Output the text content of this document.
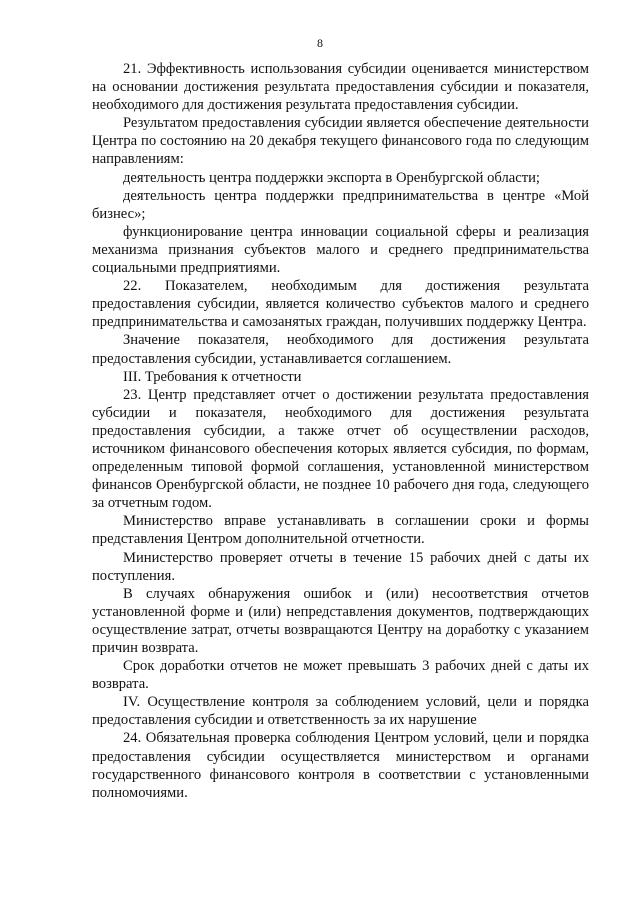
8

21. Эффективность использования субсидии оценивается министерством на основании достижения результата предоставления субсидии и показателя, необходимого для достижения результата предоставления субсидии.

Результатом предоставления субсидии является обеспечение деятельности Центра по состоянию на 20 декабря текущего финансового года по следующим направлениям:

деятельность центра поддержки экспорта в Оренбургской области;

деятельность центра поддержки предпринимательства в центре «Мой бизнес»;

функционирование центра инновации социальной сферы и реализация механизма признания субъектов малого и среднего предпринимательства социальными предприятиями.

22. Показателем, необходимым для достижения результата предоставления субсидии, является количество субъектов малого и среднего предпринимательства и самозанятых граждан, получивших поддержку Центра.

Значение показателя, необходимого для достижения результата предоставления субсидии, устанавливается соглашением.

III. Требования к отчетности

23. Центр представляет отчет о достижении результата предоставления субсидии и показателя, необходимого для достижения результата предоставления субсидии, а также отчет об осуществлении расходов, источником финансового обеспечения которых является субсидия, по формам, определенным типовой формой соглашения, установленной министерством финансов Оренбургской области, не позднее 10 рабочего дня года, следующего за отчетным годом.

Министерство вправе устанавливать в соглашении сроки и формы представления Центром дополнительной отчетности.

Министерство проверяет отчеты в течение 15 рабочих дней с даты их поступления.

В случаях обнаружения ошибок и (или) несоответствия отчетов установленной форме и (или) непредставления документов, подтверждающих осуществление затрат, отчеты возвращаются Центру на доработку с указанием причин возврата.

Срок доработки отчетов не может превышать 3 рабочих дней с даты их возврата.

IV. Осуществление контроля за соблюдением условий, цели и порядка предоставления субсидии и ответственность за их нарушение

24. Обязательная проверка соблюдения Центром условий, цели и порядка предоставления субсидии осуществляется министерством и органами государственного финансового контроля в соответствии с установленными полномочиями.
